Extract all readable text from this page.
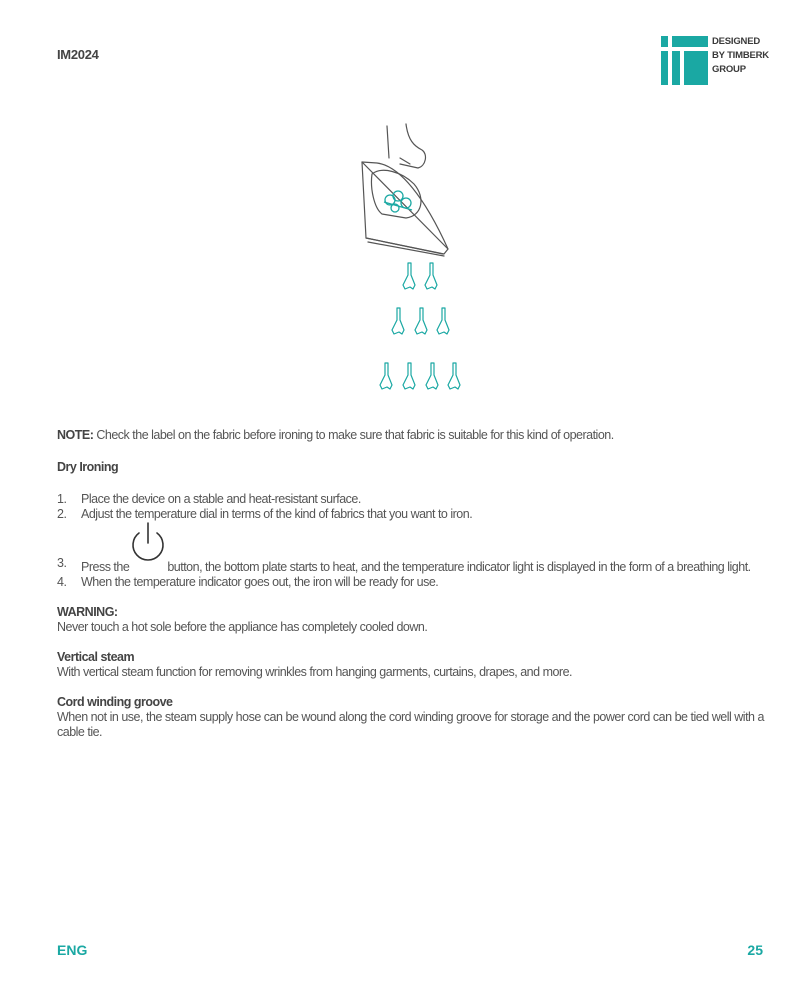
IM2024
DESIGNED
BY TIMBERK
GROUP

NOTE: Check the label on the fabric before ironing to make sure that fabric is suitable for this kind of operation.

Dry Ironing

1. Place the device on a stable and heat-resistant surface.
2. Adjust the temperature dial in terms of the kind of fabrics that you want to iron.
3. Press the	button, the bottom plate starts to heat, and the temperature indicator light is displayed in the form of a breathing light.
4. When the temperature indicator goes out, the iron will be ready for use.

WARNING:

Never touch a hot sole before the appliance has completely cooled down.

Vertical steam

With vertical steam function for removing wrinkles from hanging garments, curtains, drapes, and more.

Cord winding groove

When not in use, the steam supply hose can be wound along the cord winding groove for storage and the power cord can be tied well with a cable tie.

ENG	25
